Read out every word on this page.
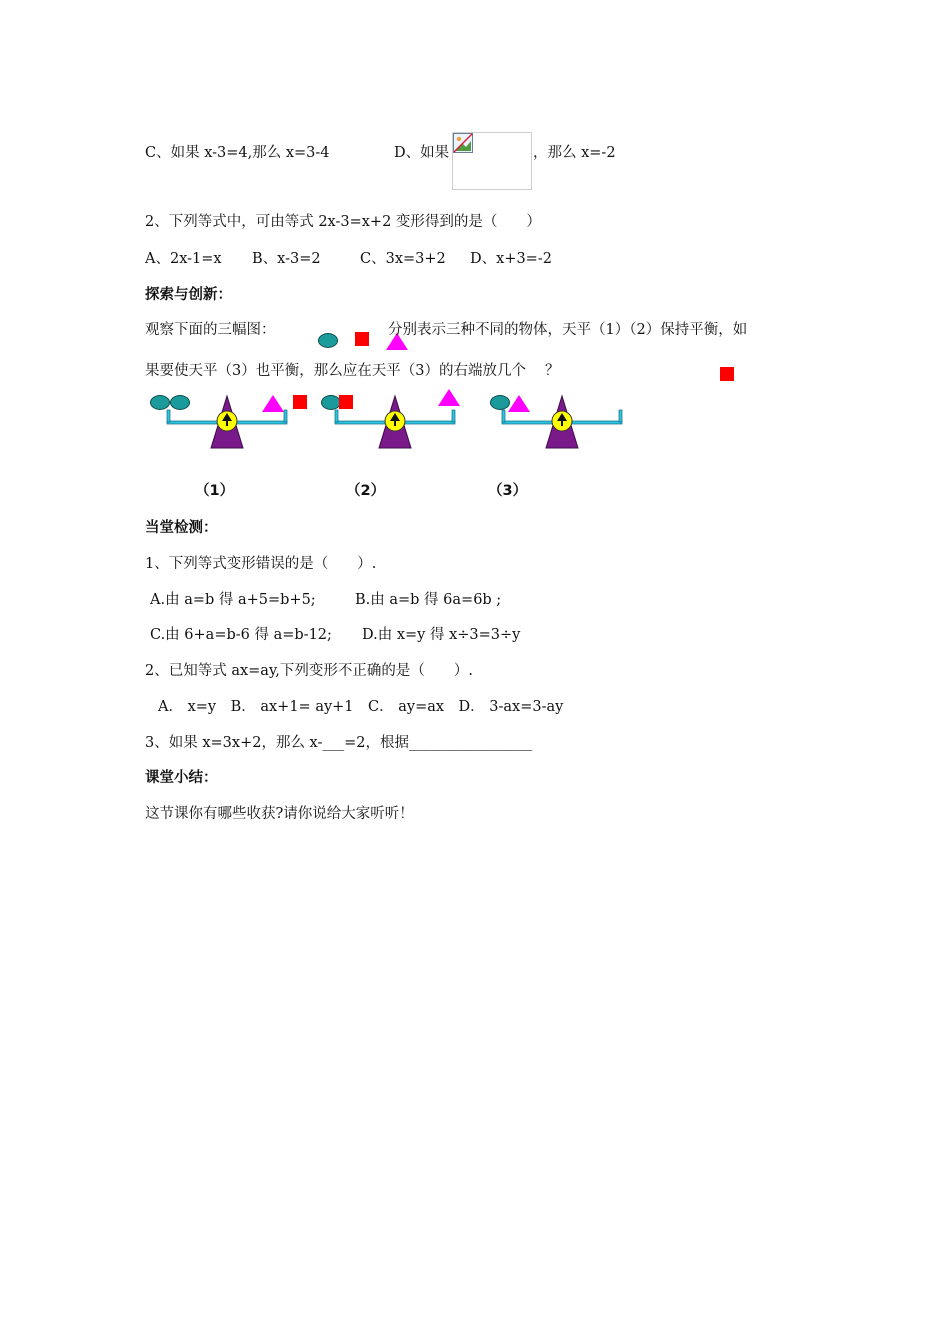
C、如果 x-3=4,那么 x=3-4	D、如果	，那么 x=-2
2、下列等式中，可由等式 2x-3=x+2 变形得到的是（　　）
A、2x-1=x B、x-3=2	C、3x=3+2 D、x+3=-2
探索与创新：
观察下面的三幅图：	分别表示三种不同的物体，天平（1）（2）保持平衡，如
果要使天平（3）也平衡，那么应在天平（3）的右端放几个　 ？
（1）	（2）	（3）
当堂检测：
1、下列等式变形错误的是（　　）.
A.由 a=b 得 a+5=b+5;	B.由 a=b 得 6a=6b ;
C.由 6+a=b-6 得 a=b-12; D.由 x=y 得 x÷3=3÷y
2、已知等式 ax=ay,下列变形不正确的是（　　）.
A． x=y　B． ax+1= ay+1　C． ay=ax　D． 3-ax=3-ay
3、如果 x=3x+2，那么 x-___=2，根据_________________
课堂小结：
这节课你有哪些收获?请你说给大家听听！
